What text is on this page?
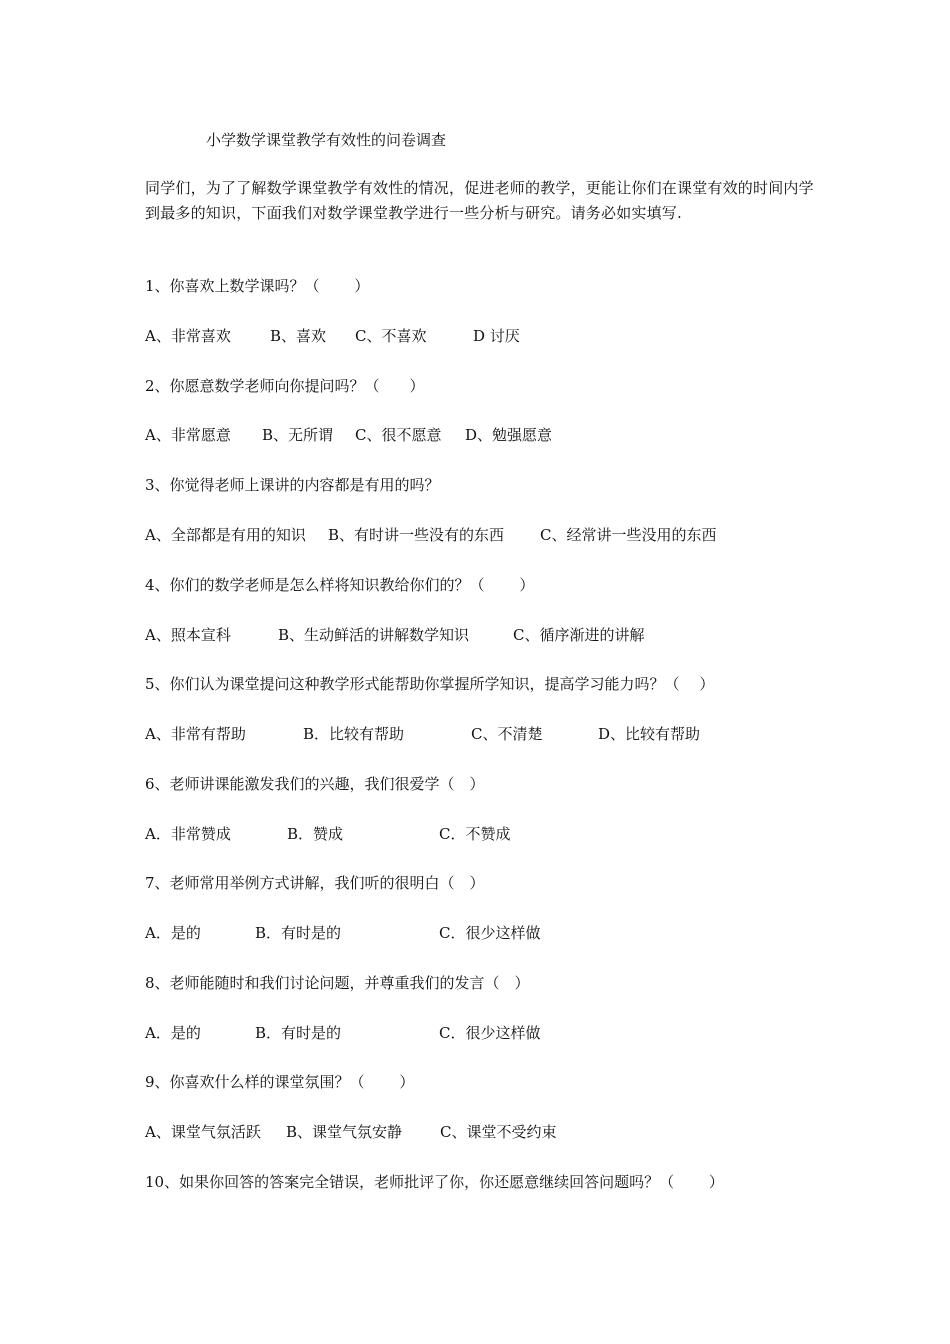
小学数学课堂教学有效性的问卷调查
同学们，为了了解数学课堂教学有效性的情况，促进老师的教学，更能让你们在课堂有效的时间内学到最多的知识，下面我们对数学课堂教学进行一些分析与研究。请务必如实填写.
1、你喜欢上数学课吗？（　　 ）
A、非常喜欢	B、喜欢 C、不喜欢	D 讨厌
2、你愿意数学老师向你提问吗？（　　）
A、非常愿意 B、无所谓 C、很不愿意 D、勉强愿意
3、你觉得老师上课讲的内容都是有用的吗？
A、全部都是有用的知识 B、有时讲一些没有的东西 C、经常讲一些没用的东西
4、你们的数学老师是怎么样将知识教给你们的？（　　 ）
A、照本宣科	B、生动鲜活的讲解数学知识	C、循序渐进的讲解
5、你们认为课堂提问这种教学形式能帮助你掌握所学知识，提高学习能力吗？（　 ）
A、非常有帮助	B．比较有帮助	C、不清楚	D、比较有帮助
6、老师讲课能激发我们的兴趣，我们很爱学（　）
A．非常赞成	B．赞成	C．不赞成
7、老师常用举例方式讲解，我们听的很明白（　）
A．是的	B．有时是的	C．很少这样做
8、老师能随时和我们讨论问题，并尊重我们的发言（　）
A．是的	B．有时是的	C．很少这样做
9、你喜欢什么样的课堂氛围？（　　 ）
A、课堂气氛活跃 B、课堂气氛安静	C、课堂不受约束
10、如果你回答的答案完全错误，老师批评了你，你还愿意继续回答问题吗？（　　 ）
